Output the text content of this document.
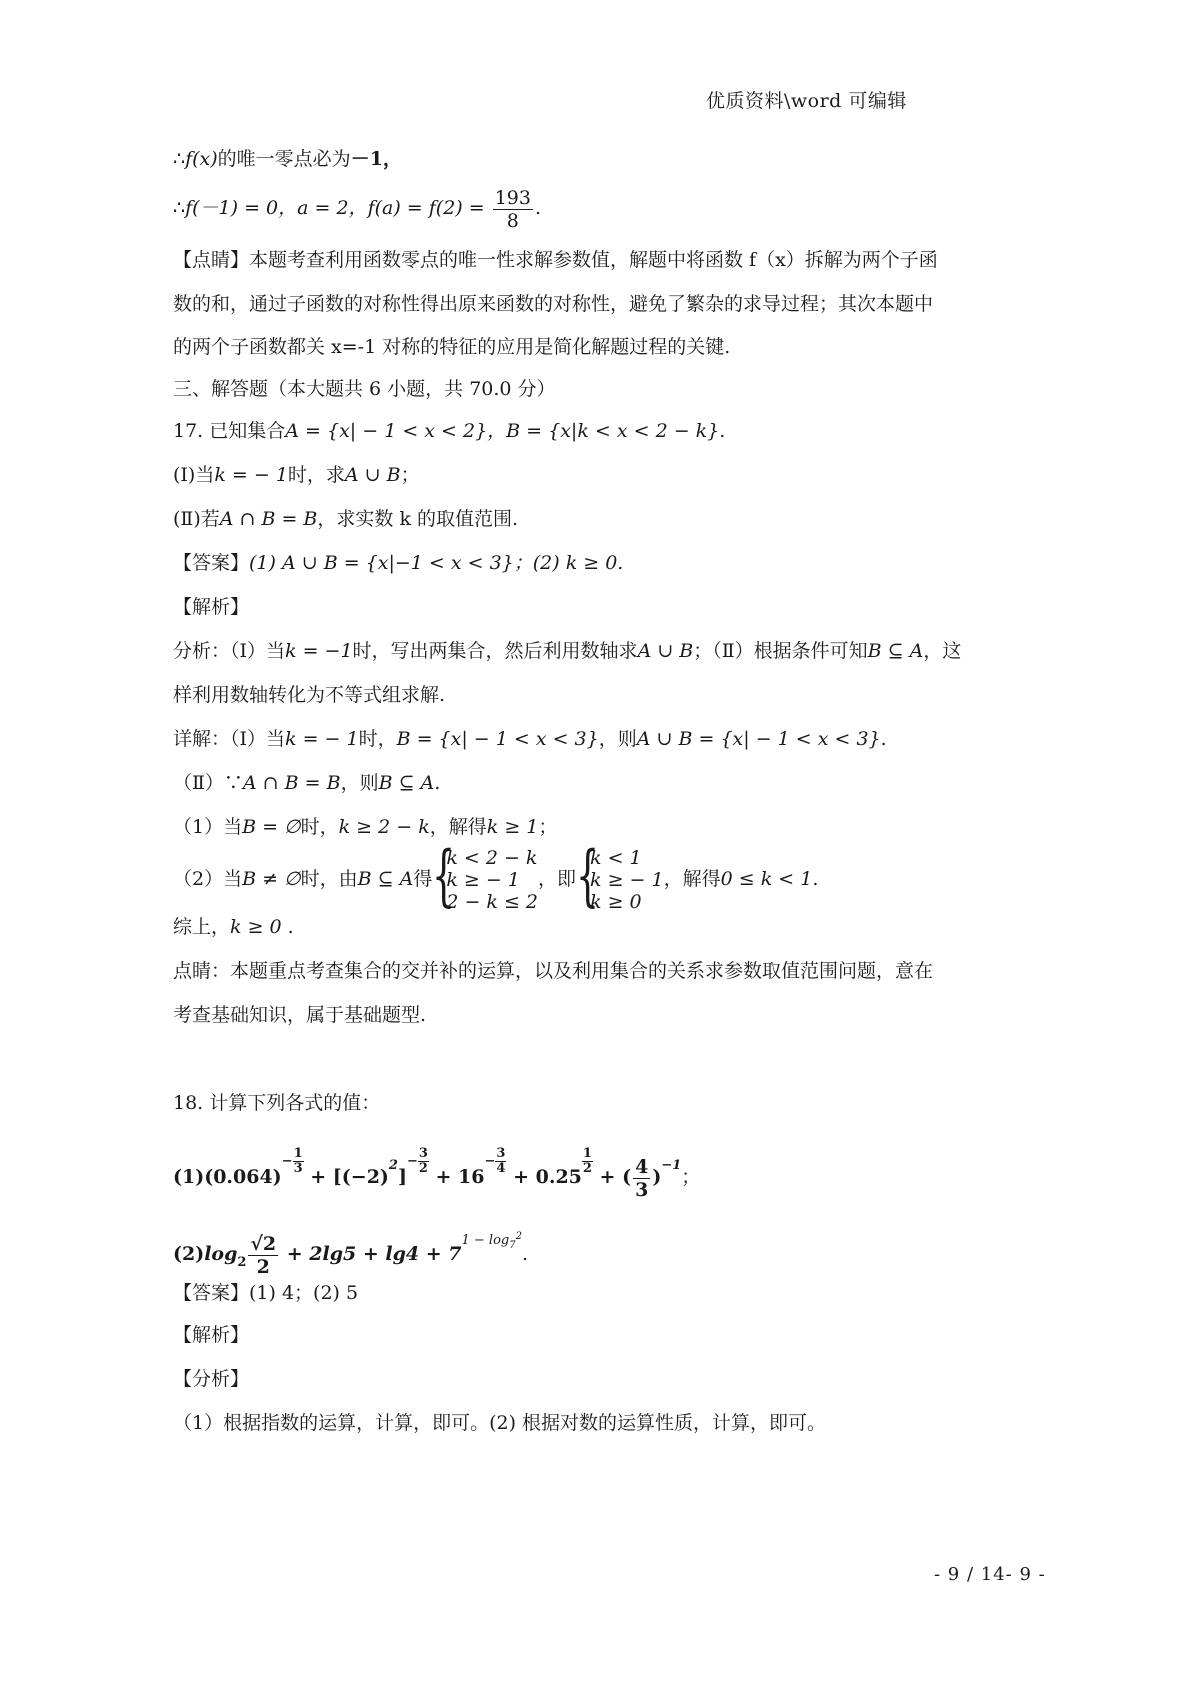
优质资料\word 可编辑
∴f(x)的唯一零点必为－1，
∴f(－1) = 0，a = 2，$f(a) = f(2) = \frac{193}{8}$ .
【点睛】本题考查利用函数零点的唯一性求解参数值，解题中将函数 f（x）拆解为两个子函
数的和，通过子函数的对称性得出原来函数的对称性，避免了繁杂的求导过程；其次本题中
的两个子函数都关 x=-1 对称的特征的应用是简化解题过程的关键.
三、解答题（本大题共 6 小题，共 70.0 分）
17. 已知集合A = {x| − 1 < x < 2}，B = {x|k < x < 2 − k}.
(Ⅰ)当k = − 1时，求A ∪ B；
(Ⅱ)若A ∩ B = B，求实数 k 的取值范围.
【答案】(1) A ∪ B = {x|−1 < x < 3}；(2) k ≥ 0.
【解析】
分析：（Ⅰ）当k = −1时，写出两集合，然后利用数轴求A ∪ B；（Ⅱ）根据条件可知B ⊆ A，这
样利用数轴转化为不等式组求解.
详解：（Ⅰ）当k = − 1时，B = {x| − 1 < x < 3}，则A ∪ B = {x| − 1 < x < 3}.
（Ⅱ）∵A ∩ B = B，则B ⊆ A.
（1）当B = ∅时，k ≥ 2 − k，解得k ≥ 1；
（2）当B ≠ ∅时，由B ⊆ A得 {
k < 2 − k
k ≥ − 1
2 − k ≤ 2
，即 {
k < 1
k ≥ − 1
k ≥ 0
，解得0 ≤ k < 1.
综上，k ≥ 0 .
点睛：本题重点考查集合的交并补的运算，以及利用集合的关系求参数取值范围问题，意在
考查基础知识，属于基础题型.
18. 计算下列各式的值：
$(1)(0.064)- \frac{1}{3}$
+ $[(-2)^2]- \frac{3}{2}$
+ $16- \frac{3}{4}$
+ 0.25
$\frac{1}{2}$
+ ( $\frac{4}{3} )^{-1}$；
$(2)\log_2 \frac{√2}{2} + 2\lg 5 + \lg 4 + 7^{1 - log_7^2}$.
【答案】(1) 4；(2) 5
【解析】
【分析】
（1）根据指数的运算，计算，即可。(2) 根据对数的运算性质，计算，即可。
- 9 / 14- 9 -
